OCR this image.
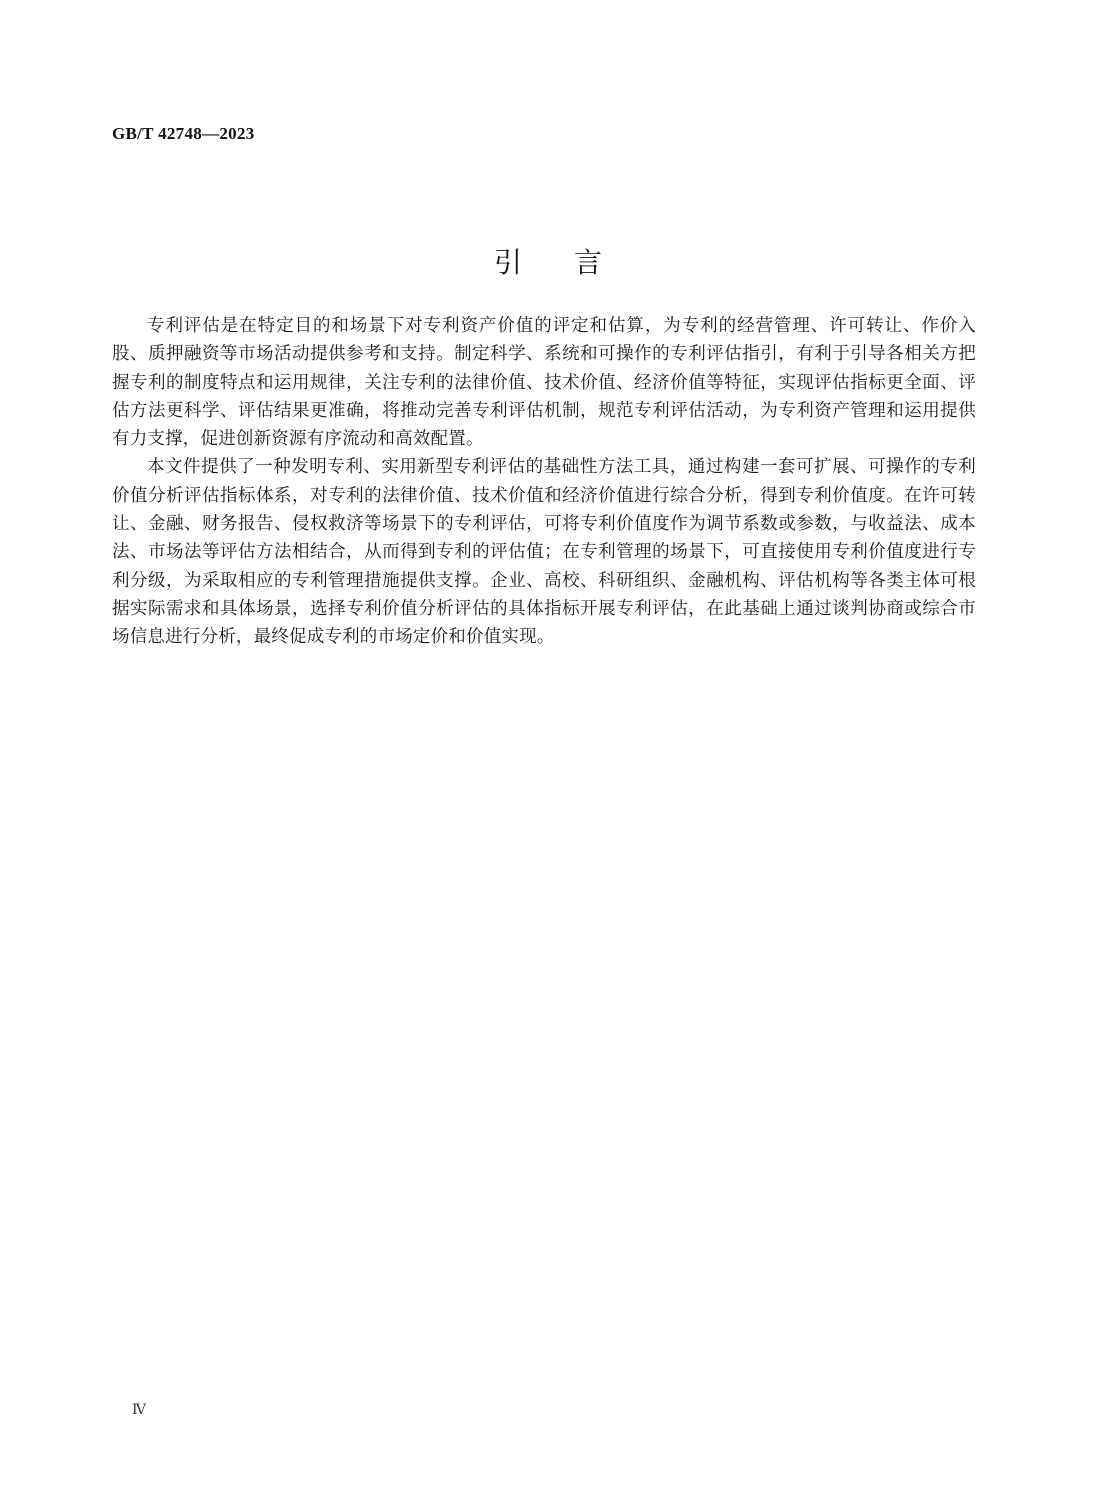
GB/T 42748—2023
引言

专利评估是在特定目的和场景下对专利资产价值的评定和估算，为专利的经营管理、许可转让、作价入股、质押融资等市场活动提供参考和支持。制定科学、系统和可操作的专利评估指引，有利于引导各相关方把握专利的制度特点和运用规律，关注专利的法律价值、技术价值、经济价值等特征，实现评估指标更全面、评估方法更科学、评估结果更准确，将推动完善专利评估机制，规范专利评估活动，为专利资产管理和运用提供有力支撑，促进创新资源有序流动和高效配置。

本文件提供了一种发明专利、实用新型专利评估的基础性方法工具，通过构建一套可扩展、可操作的专利价值分析评估指标体系，对专利的法律价值、技术价值和经济价值进行综合分析，得到专利价值度。在许可转让、金融、财务报告、侵权救济等场景下的专利评估，可将专利价值度作为调节系数或参数，与收益法、成本法、市场法等评估方法相结合，从而得到专利的评估值；在专利管理的场景下，可直接使用专利价值度进行专利分级，为采取相应的专利管理措施提供支撑。企业、高校、科研组织、金融机构、评估机构等各类主体可根据实际需求和具体场景，选择专利价值分析评估的具体指标开展专利评估，在此基础上通过谈判协商或综合市场信息进行分析，最终促成专利的市场定价和价值实现。

Ⅳ
